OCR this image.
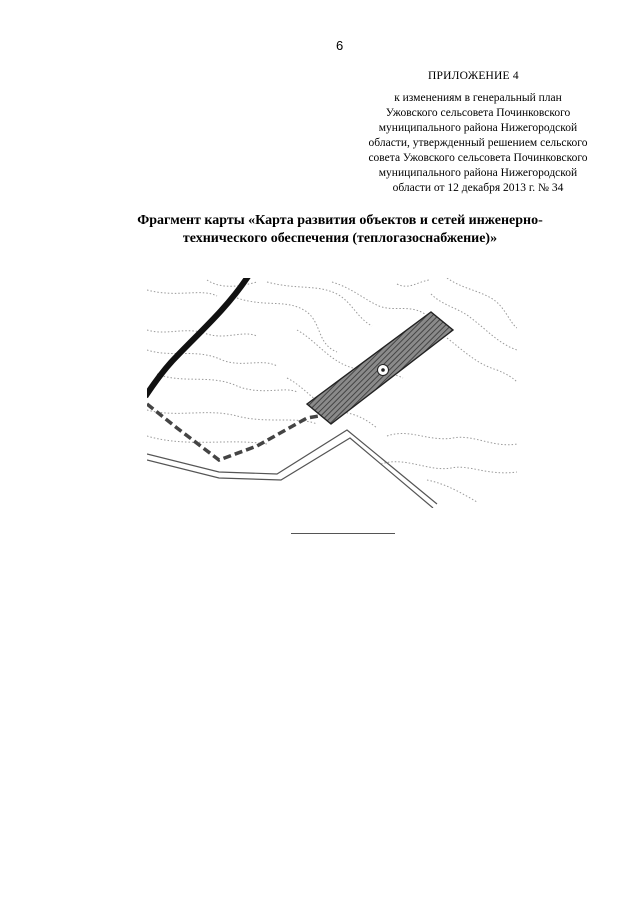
6
ПРИЛОЖЕНИЕ 4
к изменениям в генеральный план
Ужовского сельсовета Починковского
муниципального района Нижегородской
области, утвержденный решением сельского
совета Ужовского сельсовета Починковского
муниципального района Нижегородской
области от 12 декабря 2013 г. № 34
Фрагмент карты «Карта развития объектов и сетей инженерно-
технического обеспечения (теплогазоснабжение)»
